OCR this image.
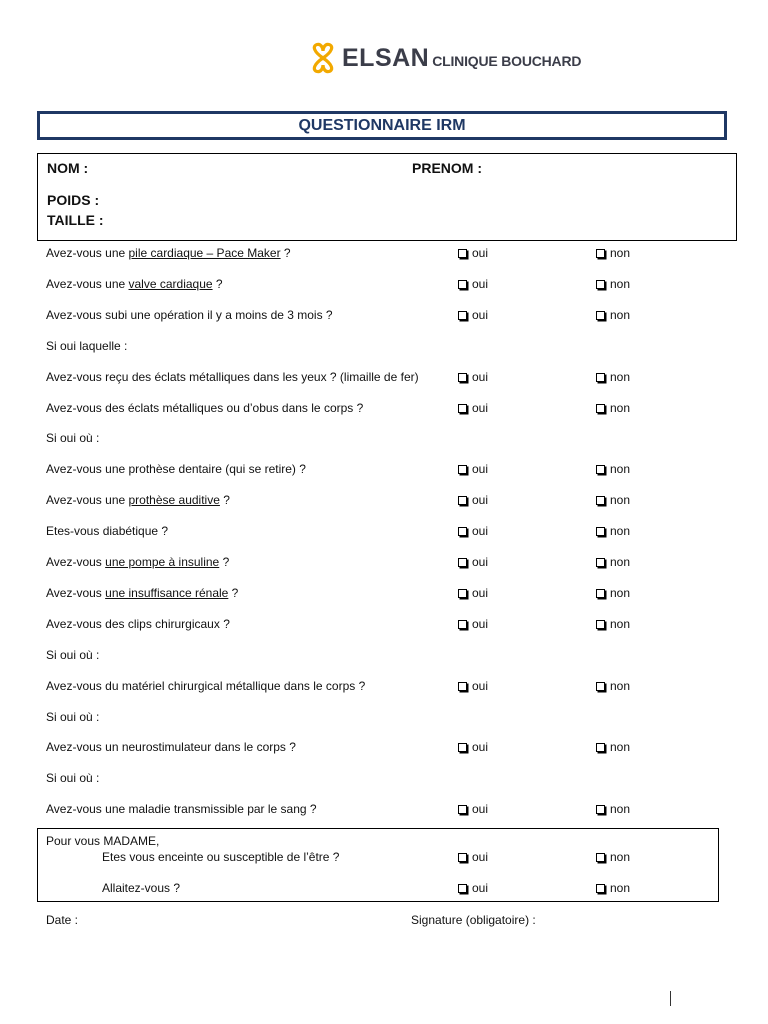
ELSAN CLINIQUE BOUCHARD
QUESTIONNAIRE IRM
NOM :	PRENOM :
POIDS :
TAILLE :
Avez-vous une pile cardiaque – Pace Maker ?	oui	non
Avez-vous une valve cardiaque ?	oui	non
Avez-vous subi une opération il y a moins de 3 mois ?	oui	non
Si oui laquelle :
Avez-vous reçu des éclats métalliques dans les yeux ? (limaille de fer)	oui	non
Avez-vous des éclats métalliques ou d’obus dans le corps ?	oui	non
Si oui où :
Avez-vous une prothèse dentaire (qui se retire) ?	oui	non
Avez-vous une prothèse auditive ?	oui	non
Etes-vous diabétique ?	oui	non
Avez-vous une pompe à insuline ?	oui	non
Avez-vous une insuffisance rénale ?	oui	non
Avez-vous des clips chirurgicaux ?	oui	non
Si oui où :
Avez-vous du matériel chirurgical métallique dans le corps ?	oui	non
Si oui où :
Avez-vous un neurostimulateur dans le corps ?	oui	non
Si oui où :
Avez-vous une maladie transmissible par le sang ?	oui	non
Pour vous MADAME,
Etes vous enceinte ou susceptible de l’être ?	oui	non
Allaitez-vous ?	oui	non
Date :	Signature (obligatoire) :
